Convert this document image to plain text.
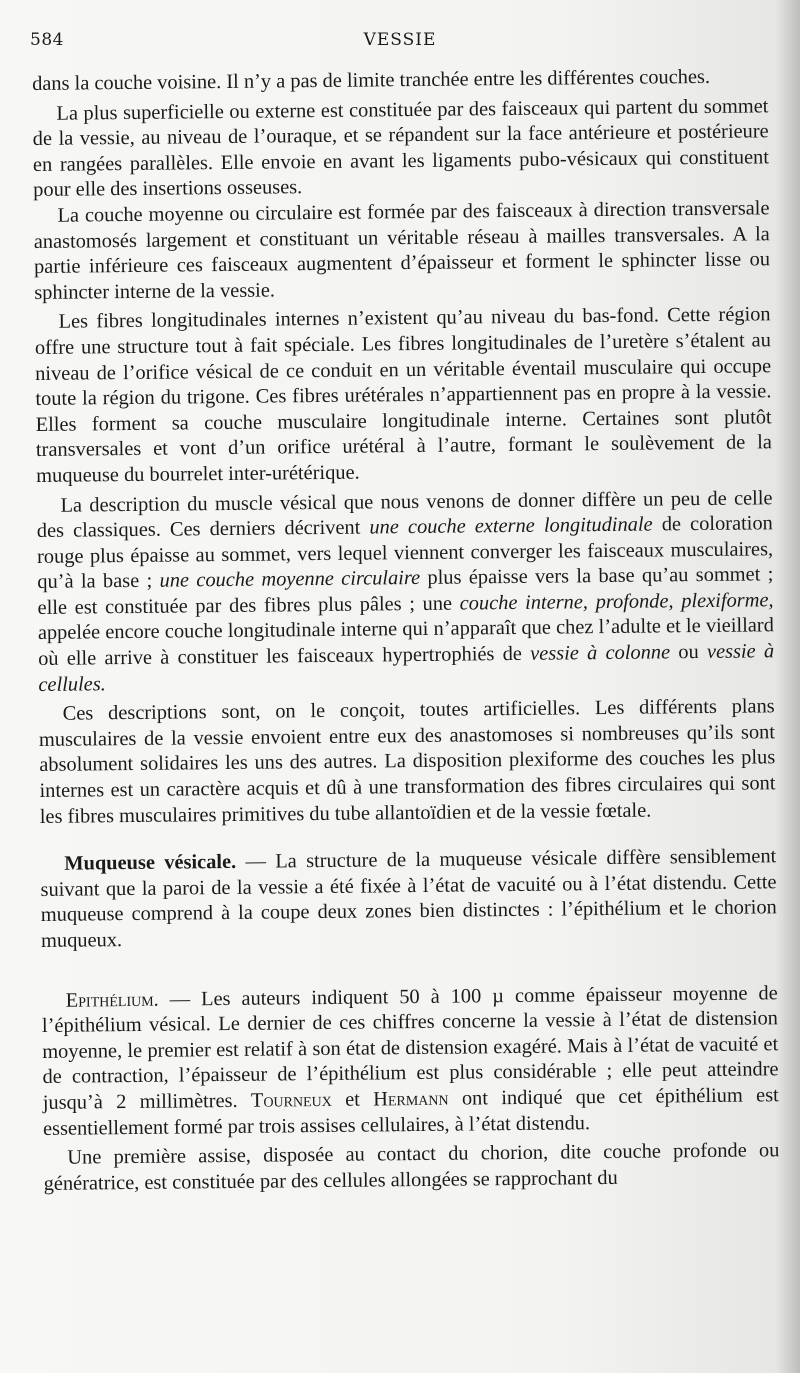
584	VESSIE

dans la couche voisine. Il n’y a pas de limite tranchée entre les différentes couches.

La plus superficielle ou externe est constituée par des faisceaux qui partent du sommet de la vessie, au niveau de l’ouraque, et se répandent sur la face antérieure et postérieure en rangées parallèles. Elle envoie en avant les ligaments pubo-vésicaux qui constituent pour elle des insertions osseuses.

La couche moyenne ou circulaire est formée par des faisceaux à direction transversale anastomosés largement et constituant un véritable réseau à mailles transversales. A la partie inférieure ces faisceaux augmentent d’épaisseur et forment le sphincter lisse ou sphincter interne de la vessie.

Les fibres longitudinales internes n’existent qu’au niveau du bas-fond. Cette région offre une structure tout à fait spéciale. Les fibres longitudinales de l’uretère s’étalent au niveau de l’orifice vésical de ce conduit en un véritable éventail musculaire qui occupe toute la région du trigone. Ces fibres urétérales n’appartiennent pas en propre à la vessie. Elles forment sa couche musculaire longitudinale interne. Certaines sont plutôt transversales et vont d’un orifice urétéral à l’autre, formant le soulèvement de la muqueuse du bourrelet inter-urétérique.

La description du muscle vésical que nous venons de donner diffère un peu de celle des classiques. Ces derniers décrivent une couche externe longitudinale de coloration rouge plus épaisse au sommet, vers lequel viennent converger les faisceaux musculaires, qu’à la base ; une couche moyenne circulaire plus épaisse vers la base qu’au sommet ; elle est constituée par des fibres plus pâles ; une couche interne, profonde, plexiforme, appelée encore couche longitudinale interne qui n’apparaît que chez l’adulte et le vieillard où elle arrive à constituer les faisceaux hypertrophiés de vessie à colonne ou vessie à cellules.

Ces descriptions sont, on le conçoit, toutes artificielles. Les différents plans musculaires de la vessie envoient entre eux des anastomoses si nombreuses qu’ils sont absolument solidaires les uns des autres. La disposition plexiforme des couches les plus internes est un caractère acquis et dû à une transformation des fibres circulaires qui sont les fibres musculaires primitives du tube allantoïdien et de la vessie fœtale.

Muqueuse vésicale. — La structure de la muqueuse vésicale diffère sensiblement suivant que la paroi de la vessie a été fixée à l’état de vacuité ou à l’état distendu. Cette muqueuse comprend à la coupe deux zones bien distinctes : l’épithélium et le chorion muqueux.

Epithélium. — Les auteurs indiquent 50 à 100 µ comme épaisseur moyenne de l’épithélium vésical. Le dernier de ces chiffres concerne la vessie à l’état de distension moyenne, le premier est relatif à son état de distension exagéré. Mais à l’état de vacuité et de contraction, l’épaisseur de l’épithélium est plus considérable ; elle peut atteindre jusqu’à 2 millimètres. Tourneux et Hermann ont indiqué que cet épithélium est essentiellement formé par trois assises cellulaires, à l’état distendu.

Une première assise, disposée au contact du chorion, dite couche profonde ou génératrice, est constituée par des cellules allongées se rapprochant du
